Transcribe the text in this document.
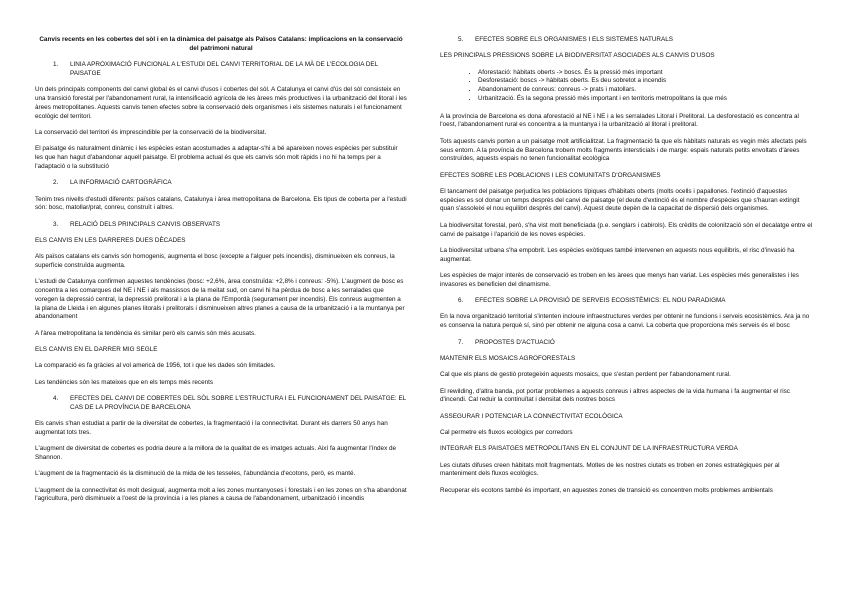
Canvis recents en les cobertes del sòl i en la dinàmica del paisatge als Països Catalans: implicacions en la conservació del patrimoni natural
1.	LINIA APROXIMACIÓ FUNCIONAL A L'ESTUDI DEL CANVI TERRITORIAL DE LA MÀ DE L'ECOLOGIA DEL PAISATGE

Un dels principals components del canvi global és el canvi d'usos i cobertes del sòl. A Catalunya el canvi d'ús del sòl consisteix en una transició forestal per l'abandonament rural, la intensificació agrícola de les àrees més productives i la urbanització del litoral i les àrees metropolitanes. Aquests canvis tenen efectes sobre la conservació dels organismes i els sistemes naturals i el funcionament ecològic del territori.

La conservació del territori és imprescindible per la conservació de la biodiversitat.

El paisatge és naturalment dinàmic i les espècies estan acostumades a adaptar-s'hi a bé apareixen noves espècies per substituir les que han hagut d'abandonar aquell paisatge. El problema actual és que els canvis són molt ràpids i no hi ha temps per a l'adaptació o la substitució

2.	LA INFORMACIÓ CARTOGRÀFICA

Tenim tres nivells d'estudi diferents: països catalans, Catalunya i àrea metropolitana de Barcelona. Els tipus de coberta per a l'estudi són: bosc, matollar/prat, conreu, construït i altres.

3.	RELACIÓ DELS PRINCIPALS CANVIS OBSERVATS
ELS CANVIS EN LES DARRERES DUES DÈCADES

Als països catalans els canvis són homogenis, augmenta el bosc (excepte a l'alguer pels incendis), disminueixen els conreus, la superfície construïda augmenta.

L'estudi de Catalunya confirmen aquestes tendències (bosc: +2,6%, àrea construïda: +2,8% i conreus: -5%). L'augment de bosc es concentra a les comarques del NE i NE i als massissos de la meitat sud, on canvi hi ha pèrdua de bosc a les serralades que voregen la depressió central, la depressió prelitoral i a la plana de l'Empordà (segurament per incendis). Els conreus augmenten a la plana de Lleida i en algunes planes litorals i prelitorals i disminueixen altres planes a causa de la urbanització i a la muntanya per abandonament

A l'àrea metropolitana la tendència és similar però els canvis són més acusats.

ELS CANVIS EN EL DARRER MIG SEGLE

La comparació es fa gràcies al vol americà de 1956, tot i que les dades són limitades.

Les tendències són les mateixes que en els temps més recents

4.	EFECTES DEL CANVI DE COBERTES DEL SÒL SOBRE L'ESTRUCTURA I EL FUNCIONAMENT DEL PAISATGE: EL CAS DE LA PROVÍNCIA DE BARCELONA

Els canvis s'han estudiat a partir de la diversitat de cobertes, la fragmentació i la connectivitat. Durant els darrers 50 anys han augmentat tots tres.

L'augment de diversitat de cobertes es podria deure a la millora de la qualitat de es imatges actuals. Així fa augmentar l'índex de Shannon.

L'augment de la fragmentació és la disminució de la mida de les tesseles, l'abundància d'ecotons, però, es manté.

L'augment de la connectivitat és molt desigual, augmenta molt a les zones muntanyoses i forestals i en les zones on s'ha abandonat l'agricultura, però disminueix a l'oest de la província i a les planes a causa de l'abandonament, urbanització i incendis

5.	EFECTES SOBRE ELS ORGANISMES I ELS SISTEMES NATURALS
LES PRINCIPALS PRESSIONS SOBRE LA BIODIVERSITAT ASOCIADES ALS CANVIS D'USOS
• Aforestació: hàbitats oberts -> boscs. És la pressió més important
• Desforestació: boscs -> hàbitats oberts. Es deu sobretot a incendis
• Abandonament de conreus: conreus -> prats i matollars.
• Urbanització. És la segona pressió més important i en territoris metropolitans la que més

A la província de Barcelona es dona aforestació al NE i NE i a les serralades Litoral i Prelitoral. La desforestació es concentra al l'oest, l'abandonament rural es concentra a la muntanya i la urbanització al litoral i prelitoral.

Tots aquests canvis porten a un paisatge molt artificialitzat. La fragmentació fa que els hàbitats naturals es vegin més afectats pels seus entorn. A la província de Barcelona trobem molts fragments intersticials i de marge: espais naturals petits envoltats d'àrees construïdes, aquests espais no tenen funcionalitat ecològica

EFECTES SOBRE LES POBLACIONS I LES COMUNITATS D'ORGANISMES

El tancament del paisatge perjudica les poblacions típiques d'hàbitats oberts (molts ocells i papallones. l'extinció d'aquestes espècies es sol donar un temps després del canvi de paisatge (el deute d'extinció és el nombre d'espècies que s'hauran extingit quan s'assoleixi el nou equilibri després del canvi). Aquest deute depèn de la capacitat de dispersió dels organismes.

La biodiversitat forestal, però, s'ha vist molt beneficiada (p.e. senglars i cabirols). Els crèdits de colonització són el decalatge entre el canvi de paisatge i l'aparició de les noves espècies.

La biodiversitat urbana s'ha empobrit. Les espècies exòtiques també intervenen en aquests nous equilibris, el risc d'invasió ha augmentat.

Les espècies de major interès de conservació es troben en les àrees que menys han variat. Les espècies més generalistes i les invasores es beneficien del dinamisme.

6.	EFECTES SOBRE LA PROVISIÓ DE SERVEIS ECOSISTÈMICS: EL NOU PARADIGMA

En la nova organització territorial s'intenten incloure infraestructures verdes per obtenir ne funcions i serveis ecosistèmics. Ara ja no es conserva la natura perquè sí, sinó per obtenir ne alguna cosa a canvi. La coberta que proporciona més serveis és el bosc

7.	PROPOSTES D'ACTUACIÓ
MANTENIR ELS MOSAICS AGROFORESTALS

Cal que els plans de gestió protegeixin aquests mosaics, que s'estan perdent per l'abandonament rural.

El rewilding, d'altra banda, pot portar problemes a aquests conreus i altres aspectes de la vida humana i fa augmentar el risc d'incendi. Cal reduir la continuïtat i densitat dels nostres boscs

ASSEGURAR I POTENCIAR LA CONNECTIVITAT ECOLÒGICA

Cal permetre els fluxos ecològics per corredors

INTEGRAR ELS PAISATGES METROPOLITANS EN EL CONJUNT DE LA INFRAESTRUCTURA VERDA

Les ciutats difuses creen hàbitats molt fragmentats. Moltes de les nostres ciutats es troben en zones estratègiques per al manteniment dels fluxos ecològics.

Recuperar els ecotons també és important, en aquestes zones de transició es concentren molts problemes ambientals
